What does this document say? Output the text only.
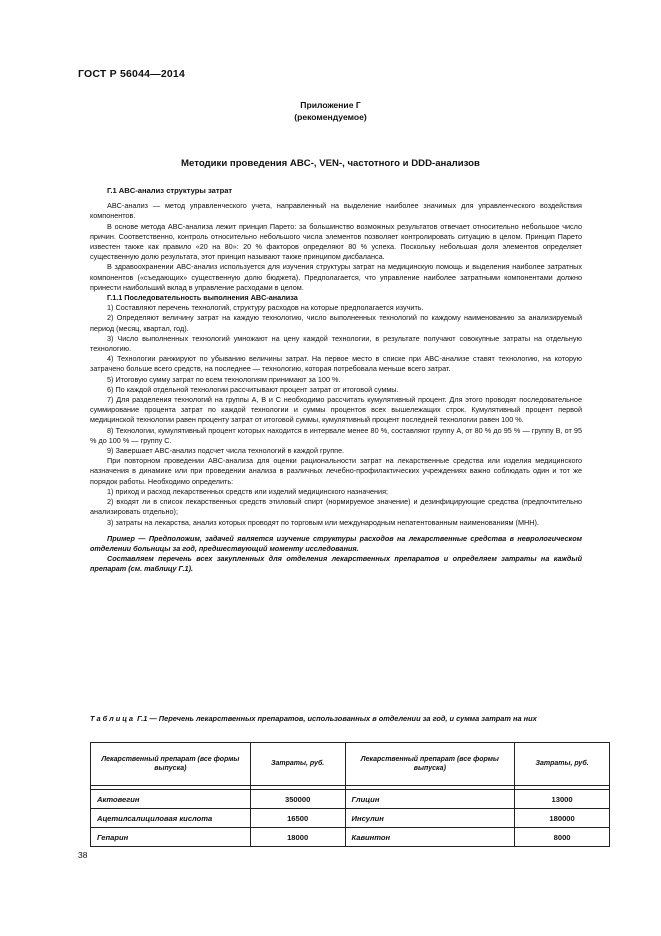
ГОСТ Р 56044—2014
Приложение Г
(рекомендуемое)
Методики проведения ABC-, VEN-, частотного и DDD-анализов
Г.1 ABC-анализ структуры затрат

ABC-анализ — метод управленческого учета, направленный на выделение наиболее значимых для управленческого воздействия компонентов.

В основе метода ABC-анализа лежит принцип Парето: за большинство возможных результатов отвечает относительно небольшое число причин. Соответственно, контроль относительно небольшого числа элементов позволяет контролировать ситуацию в целом. Принцип Парето известен также как правило «20 на 80»: 20 % факторов определяют 80 % успеха. Поскольку небольшая доля элементов определяет существенную долю результата, этот принцип называют также принципом дисбаланса.

В здравоохранении ABC-анализ используется для изучения структуры затрат на медицинскую помощь и выделения наиболее затратных компонентов («съедающих» существенную долю бюджета). Предполагается, что управление наиболее затратными компонентами должно принести наибольший вклад в управление расходами в целом.

Г.1.1 Последовательность выполнения ABC-анализа

1) Составляют перечень технологий, структуру расходов на которые предполагается изучить.

2) Определяют величину затрат на каждую технологию, число выполненных технологий по каждому наименованию за анализируемый период (месяц, квартал, год).

3) Число выполненных технологий умножают на цену каждой технологии, в результате получают совокупные затраты на отдельную технологию.

4) Технологии ранжируют по убыванию величины затрат. На первое место в списке при ABC-анализе ставят технологию, на которую затрачено больше всего средств, на последнее — технологию, которая потребовала меньше всего затрат.

5) Итоговую сумму затрат по всем технологиям принимают за 100 %.

6) По каждой отдельной технологии рассчитывают процент затрат от итоговой суммы.

7) Для разделения технологий на группы A, B и C необходимо рассчитать кумулятивный процент. Для этого проводят последовательное суммирование процента затрат по каждой технологии и суммы процентов всех вышележащих строк. Кумулятивный процент первой медицинской технологии равен проценту затрат от итоговой суммы, кумулятивный процент последней технологии равен 100 %.

8) Технологии, кумулятивный процент которых находится в интервале менее 80 %, составляют группу A, от 80 % до 95 % — группу B, от 95 % до 100 % — группу C.

9) Завершает ABC-анализ подсчет числа технологий в каждой группе.

При повторном проведении ABC-анализа для оценки рациональности затрат на лекарственные средства или изделия медицинского назначения в динамике или при проведении анализа в различных лечебно-профилактических учреждениях важно соблюдать один и тот же порядок работы. Необходимо определить:

1) приход и расход лекарственных средств или изделий медицинского назначения;

2) входят ли в список лекарственных средств этиловый спирт (нормируемое значение) и дезинфицирующие средства (предпочтительно анализировать отдельно);

3) затраты на лекарства, анализ которых проводят по торговым или международным непатентованным наименованиям (МНН).

Пример — Предположим, задачей является изучение структуры расходов на лекарственные средства в неврологическом отделении больницы за год, предшествующий моменту исследования.

Составляем перечень всех закупленных для отделения лекарственных препаратов и определяем затраты на каждый препарат (см. таблицу Г.1).

Таблица Г.1 — Перечень лекарственных препаратов, использованных в отделении за год, и сумма затрат на них
Лекарственный препарат (все формы выпуска)	Затраты, руб.	Лекарственный препарат (все формы выпуска)	Затраты, руб.

Актовегин	350000	Глицин	13000
Ацетилсалициловая кислота	16500	Инсулин	180000
Гепарин	18000	Кавинтон	8000
38
